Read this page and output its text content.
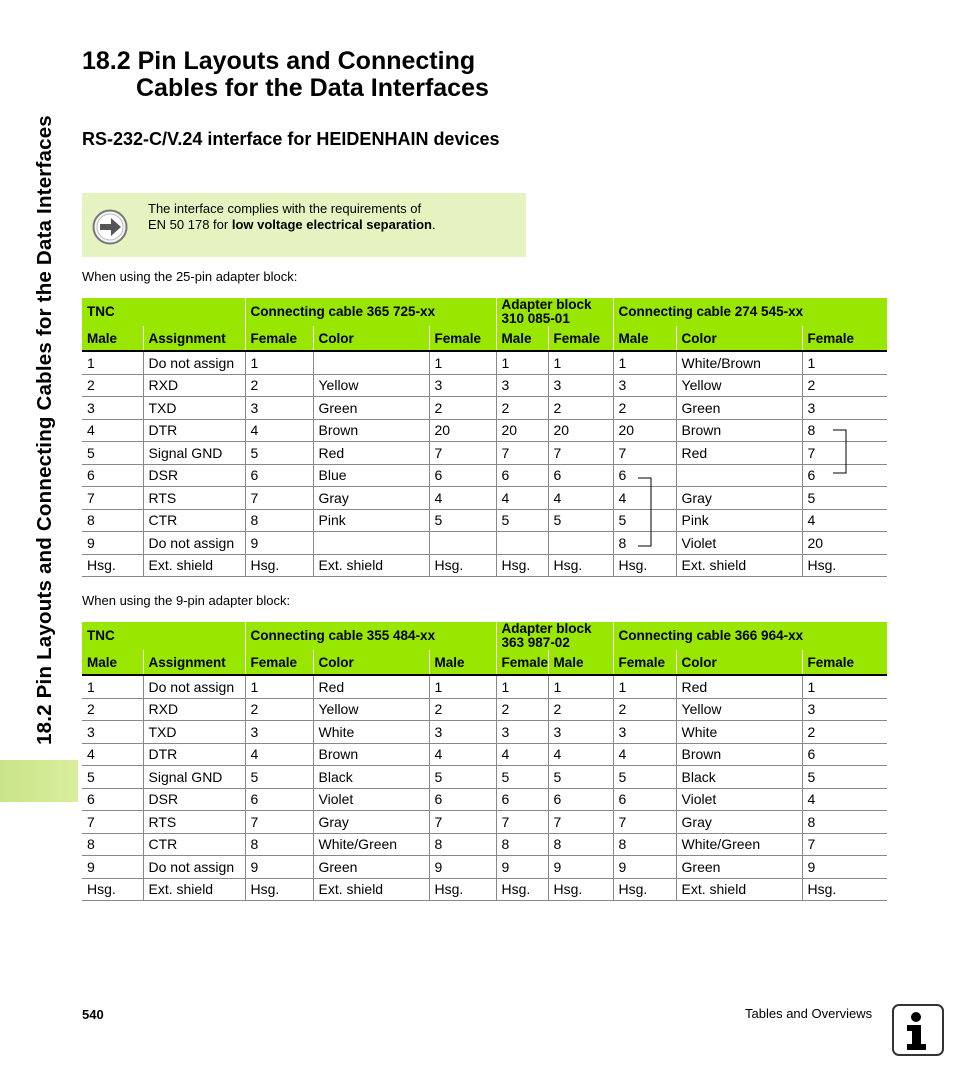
18.2 Pin Layouts and Connecting Cables for the Data Interfaces
18.2 Pin Layouts and Connecting
Cables for the Data Interfaces
RS-232-C/V.24 interface for HEIDENHAIN devices
The interface complies with the requirements of
EN 50 178 for low voltage electrical separation.
When using the 25-pin adapter block:
TNC		Connecting cable 365 725-xx			Adapter block 310 085-01		Connecting cable 274 545-xx		
Male	Assignment	Female	Color	Female	Male	Female	Male	Color	Female
1	Do not assign	1		1	1	1	1	White/Brown	1
2	RXD	2	Yellow	3	3	3	3	Yellow	2
3	TXD	3	Green	2	2	2	2	Green	3
4	DTR	4	Brown	20	20	20	20	Brown	8
5	Signal GND	5	Red	7	7	7	7	Red	7
6	DSR	6	Blue	6	6	6	6		6
7	RTS	7	Gray	4	4	4	4	Gray	5
8	CTR	8	Pink	5	5	5	5	Pink	4
9	Do not assign	9					8	Violet	20
Hsg.	Ext. shield	Hsg.	Ext. shield	Hsg.	Hsg.	Hsg.	Hsg.	Ext. shield	Hsg.
When using the 9-pin adapter block:
TNC		Connecting cable 355 484-xx			Adapter block 363 987-02		Connecting cable 366 964-xx		
Male	Assignment	Female	Color	Male	Female	Male	Female	Color	Female
1	Do not assign	1	Red	1	1	1	1	Red	1
2	RXD	2	Yellow	2	2	2	2	Yellow	3
3	TXD	3	White	3	3	3	3	White	2
4	DTR	4	Brown	4	4	4	4	Brown	6
5	Signal GND	5	Black	5	5	5	5	Black	5
6	DSR	6	Violet	6	6	6	6	Violet	4
7	RTS	7	Gray	7	7	7	7	Gray	8
8	CTR	8	White/Green	8	8	8	8	White/Green	7
9	Do not assign	9	Green	9	9	9	9	Green	9
Hsg.	Ext. shield	Hsg.	Ext. shield	Hsg.	Hsg.	Hsg.	Hsg.	Ext. shield	Hsg.
540	Tables and Overviews
